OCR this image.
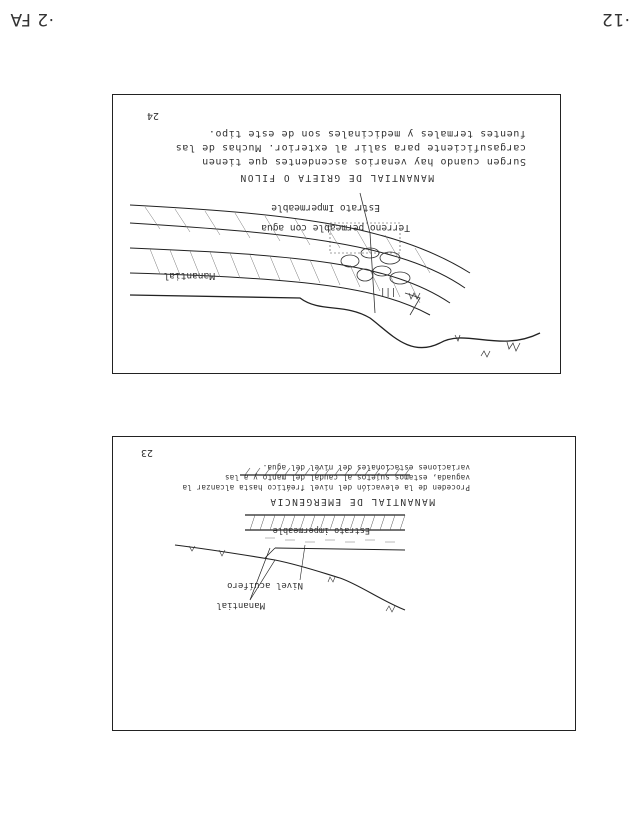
·2 FA	·12
|||
Estrato Impermeable
Terreno permeable con agua
Manantial
MANANTIAL DE GRIETA O FILON
Surgen cuando hay venarios ascendentes que tienen cargasuficiente para salir al exterior. Muchas de las fuentes termales y medicinales son de este tipo.
24
Nivel acuífero
Manantial
Estrato impermeable
MANANTIAL DE EMERGENCIA
Proceden de la elevación del nivel freático hasta alcanzar la vaguada, estamos sujetos al caudal del manto y a las variaciones estacionales del nivel del agua.
23
